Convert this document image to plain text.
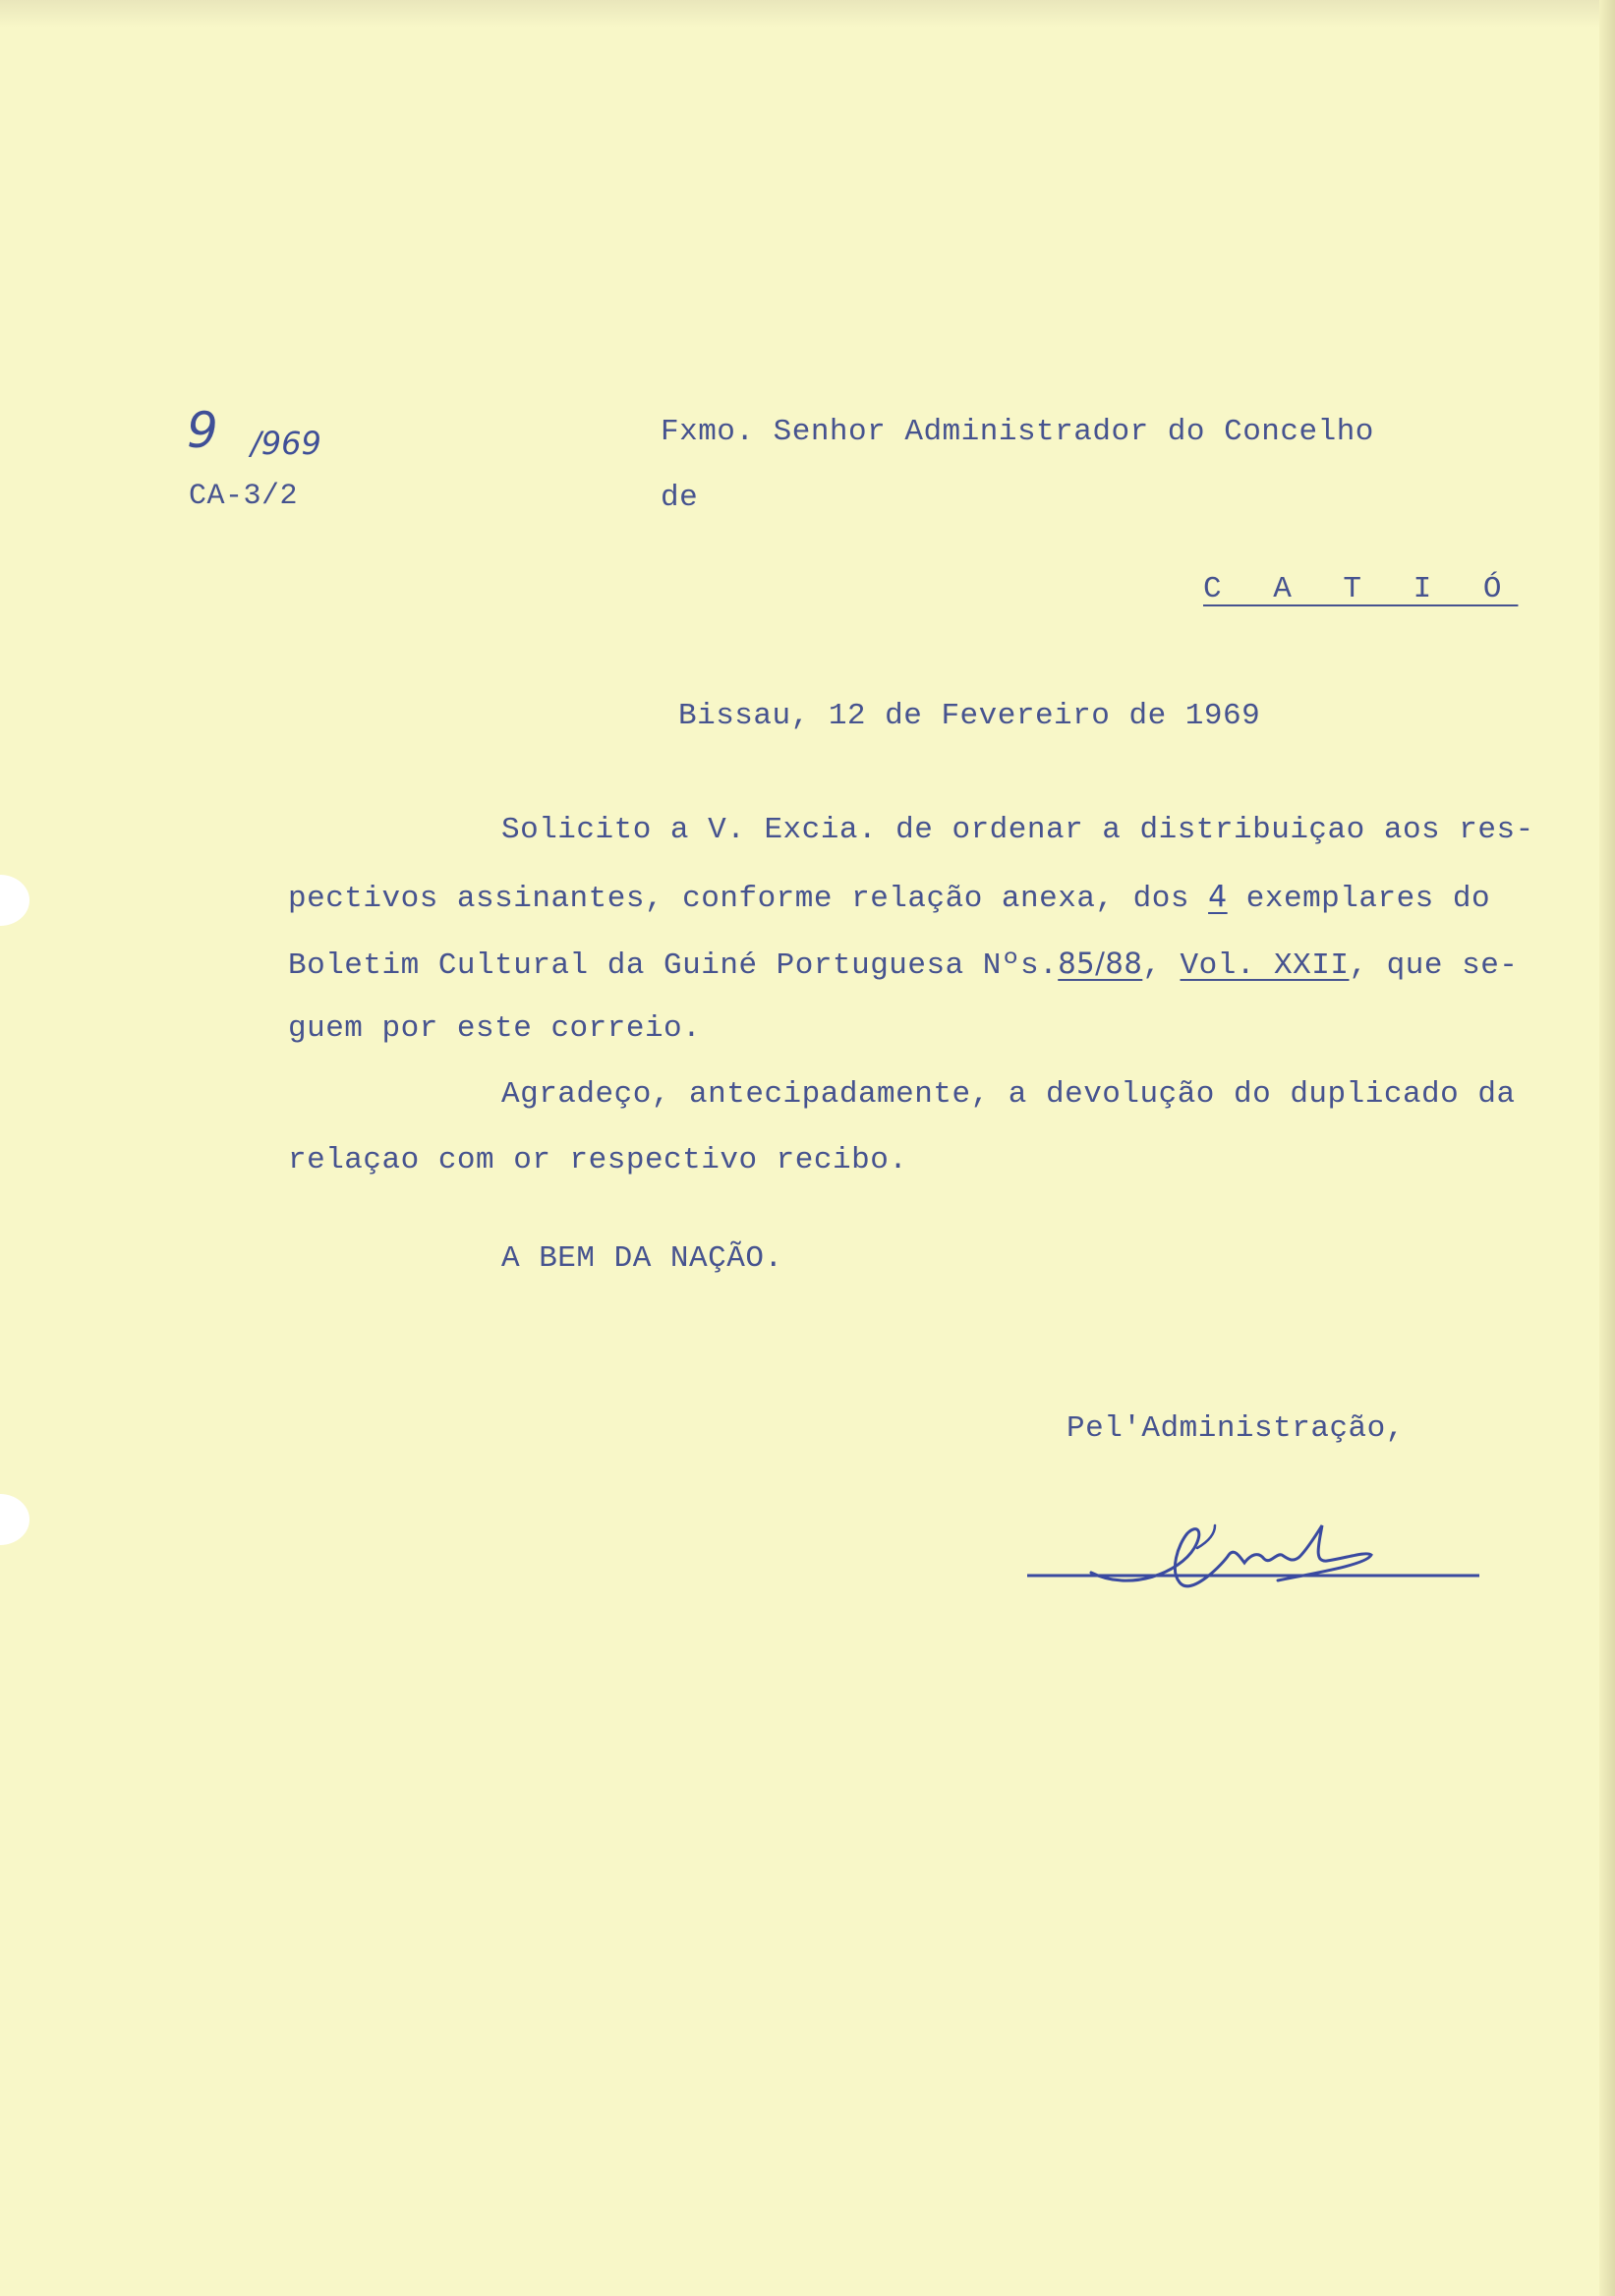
9 /969
CA-3/2
Fxmo. Senhor Administrador do Concelho
de
C A T I Ó
Bissau, 12 de Fevereiro de 1969
Solicito a V. Excia. de ordenar a distribuiçao aos res-
pectivos assinantes, conforme relação anexa, dos 4 exemplares do
Boletim Cultural da Guiné Portuguesa Nºs.85/88, Vol. XXII, que se-
guem por este correio.
Agradeço, antecipadamente, a devolução do duplicado da
relaçao com or respectivo recibo.
A BEM DA NAÇÃO.
Pel'Administração,
